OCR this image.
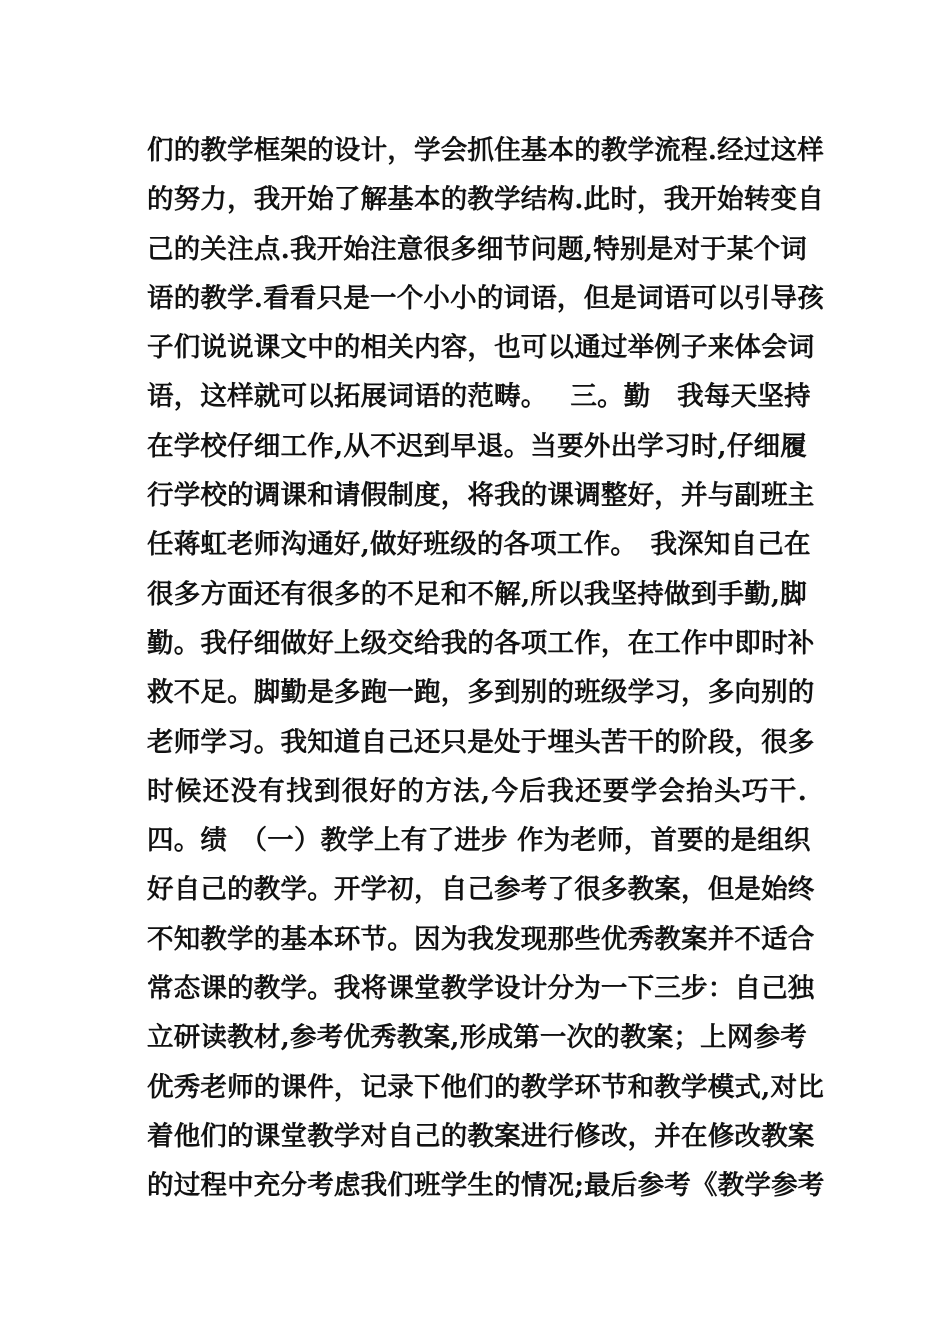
们的教学框架的设计，学会抓住基本的教学流程.经过这样
的努力，我开始了解基本的教学结构.此时，我开始转变自
己的关注点.我开始注意很多细节问题,特别是对于某个词
语的教学.看看只是一个小小的词语，但是词语可以引导孩
子们说说课文中的相关内容，也可以通过举例子来体会词
语，这样就可以拓展词语的范畴。　 三。勤　我每天坚持
在学校仔细工作,从不迟到早退。当要外出学习时,仔细履
行学校的调课和请假制度，将我的课调整好，并与副班主
任蒋虹老师沟通好,做好班级的各项工作。　我深知自己在
很多方面还有很多的不足和不解,所以我坚持做到手勤,脚
勤。我仔细做好上级交给我的各项工作，在工作中即时补
救不足。脚勤是多跑一跑，多到别的班级学习，多向别的
老师学习。我知道自己还只是处于埋头苦干的阶段，很多
时候还没有找到很好的方法,今后我还要学会抬头巧干.
四。绩　（一）教学上有了进步 作为老师，首要的是组织
好自己的教学。开学初，自己参考了很多教案，但是始终
不知教学的基本环节。因为我发现那些优秀教案并不适合
常态课的教学。我将课堂教学设计分为一下三步：自己独
立研读教材,参考优秀教案,形成第一次的教案；上网参考
优秀老师的课件，记录下他们的教学环节和教学模式,对比
着他们的课堂教学对自己的教案进行修改，并在修改教案
的过程中充分考虑我们班学生的情况;最后参考《教学参考
